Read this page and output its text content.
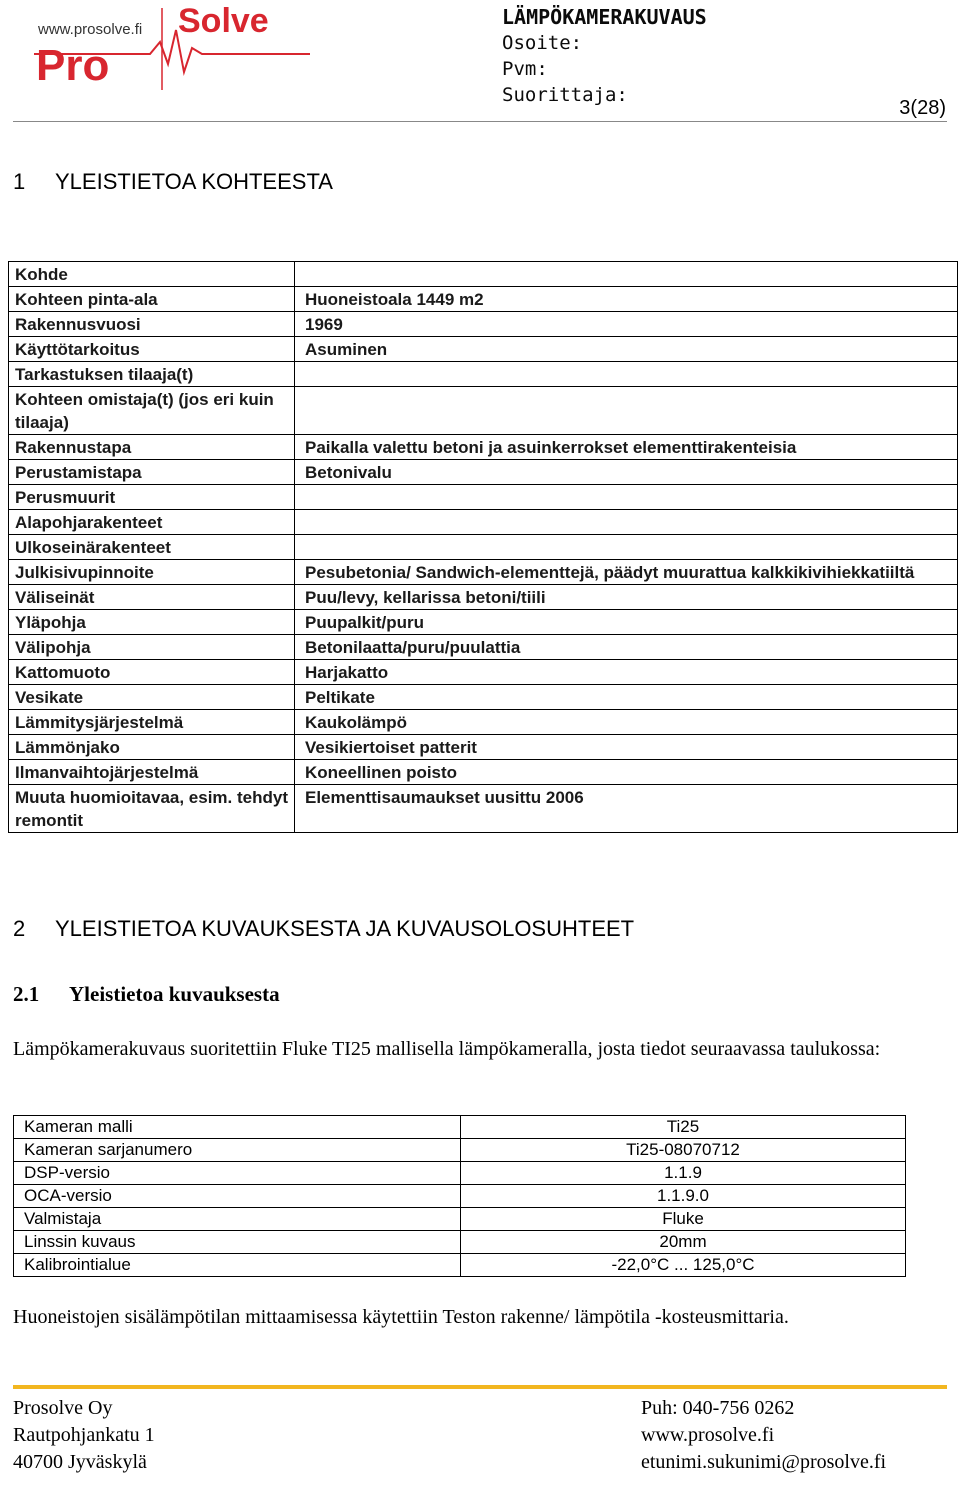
www.prosolve.fi Solve
Pro
LÄMPÖKAMERAKUVAUS
Osoite:
Pvm:
Suorittaja:
3(28)
1 YLEISTIETOA KOHTEESTA
Kohde	
Kohteen pinta-ala	Huoneistoala 1449 m2
Rakennusvuosi	1969
Käyttötarkoitus	Asuminen
Tarkastuksen tilaaja(t)	
Kohteen omistaja(t) (jos eri kuin tilaaja)	
Rakennustapa	Paikalla valettu betoni ja asuinkerrokset elementtirakenteisia
Perustamistapa	Betonivalu
Perusmuurit	
Alapohjarakenteet	
Ulkoseinärakenteet	
Julkisivupinnoite	Pesubetonia/ Sandwich-elementtejä, päädyt muurattua kalkkikivihiekkatiiltä
Väliseinät	Puu/levy, kellarissa betoni/tiili
Yläpohja	Puupalkit/puru
Välipohja	Betonilaatta/puru/puulattia
Kattomuoto	Harjakatto
Vesikate	Peltikate
Lämmitysjärjestelmä	Kaukolämpö
Lämmönjako	Vesikiertoiset patterit
Ilmanvaihtojärjestelmä	Koneellinen poisto
Muuta huomioitavaa, esim. tehdyt remontit	Elementtisaumaukset uusittu 2006
2 YLEISTIETOA KUVAUKSESTA JA KUVAUSOLOSUHTEET
2.1 Yleistietoa kuvauksesta
Lämpökamerakuvaus suoritettiin Fluke TI25 mallisella lämpökameralla, josta tiedot seuraavassa taulukossa:
Kameran malli	Ti25
Kameran sarjanumero	Ti25-08070712
DSP-versio	1.1.9
OCA-versio	1.1.9.0
Valmistaja	Fluke
Linssin kuvaus	20mm
Kalibrointialue	-22,0°C ... 125,0°C
Huoneistojen sisälämpötilan mittaamisessa käytettiin Teston rakenne/ lämpötila -kosteusmittaria.
Prosolve Oy
Rautpohjankatu 1
40700 Jyväskylä
Puh: 040-756 0262
www.prosolve.fi
etunimi.sukunimi@prosolve.fi
